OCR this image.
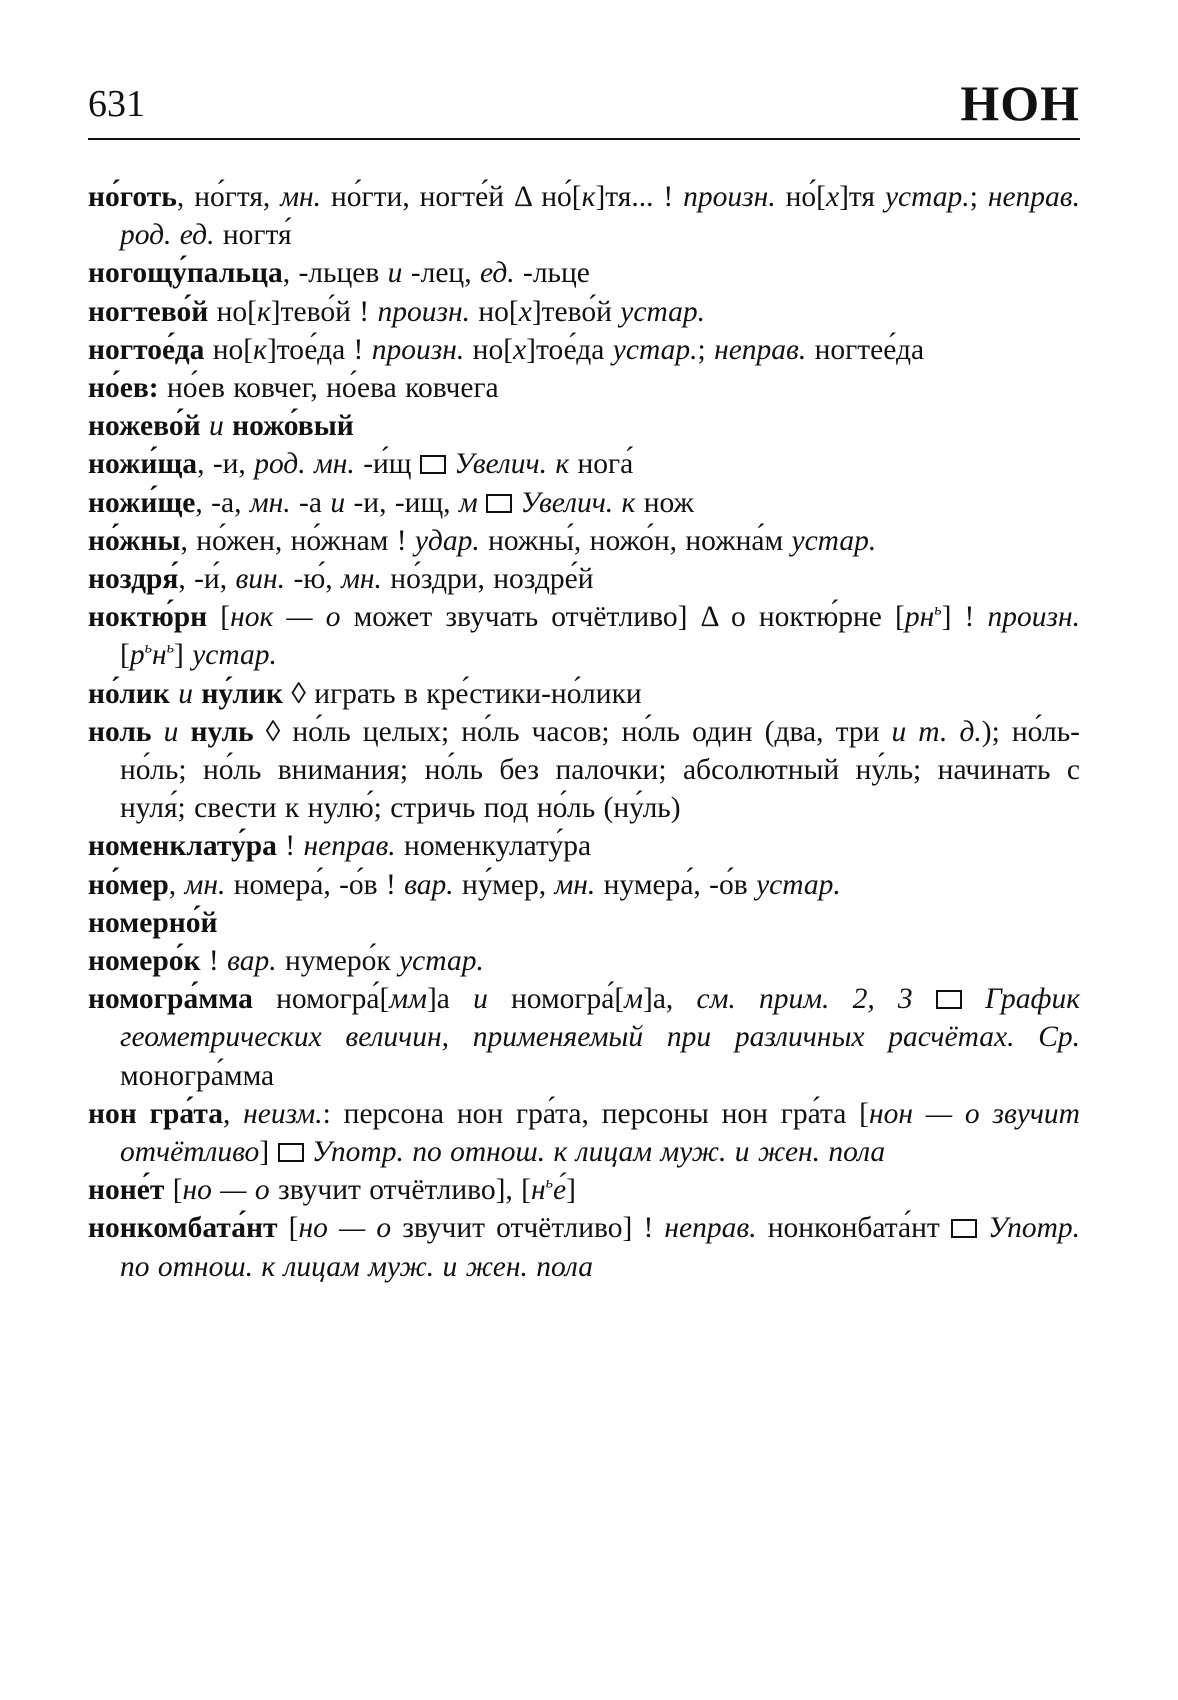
631	НОН
но́готь, но́гтя, мн. но́гти, ногте́й Δ но́[к]тя... ! произн. но́[х]тя устар.; неправ. род. ед. ногтя́
ногощу́пальца, -льцев и -лец, ед. -льце
ногтево́й но[к]тево́й ! произн. но[х]тево́й устар.
ногтое́да но[к]тое́да ! произн. но[х]тое́да устар.; неправ. ногтее́да
но́ев: но́ев ковчег, но́ева ковчега
ножево́й и ножо́вый
ножи́ща, -и, род. мн. -и́щ  Увелич. к нога́
ножи́ще, -а, мн. -а и -и, -ищ, м Увелич. к нож
но́жны, но́жен, но́жнам ! удар. ножны́, ножо́н, ножна́м устар.
ноздря́, -и́, вин. -ю́, мн. но́здри, ноздре́й
ноктю́рн [нок — о может звучать отчётливо] Δ о ноктю́рне $[рн^ь]$ ! произн. $[р^ьн^ь]$ устар.
но́лик и ну́лик ◊ играть в кре́стики-но́лики
ноль и нуль ◊ но́ль целых; но́ль часов; но́ль один (два, три и т. д.); но́ль-но́ль; но́ль внимания; но́ль без палочки; абсолютный ну́ль; начинать с нуля́; свести к нулю́; стричь под но́ль (ну́ль)
номенклату́ра ! неправ. номенкулату́ра
но́мер, мн. номера́, -о́в ! вар. ну́мер, мн. нумера́, -о́в устар.
номерно́й
номеро́к ! вар. нумеро́к устар.
номогра́мма номогра́[мм]а и номогра́[м]а, см. прим. 2, 3 График геометрических величин, применяемый при различных расчётах. Ср. моногра́мма
нон гра́та, неизм.: персона нон гра́та, персоны нон гра́та [нон — о звучит отчётливо]  Употр. по отнош. к лицам муж. и жен. пола
ноне́т [но — о звучит отчётливо], $[н^ье́]$
нонкомбата́нт [но — о звучит отчётливо] ! неправ. нонконбата́нт  Употр. по отнош. к лицам муж. и жен. пола
